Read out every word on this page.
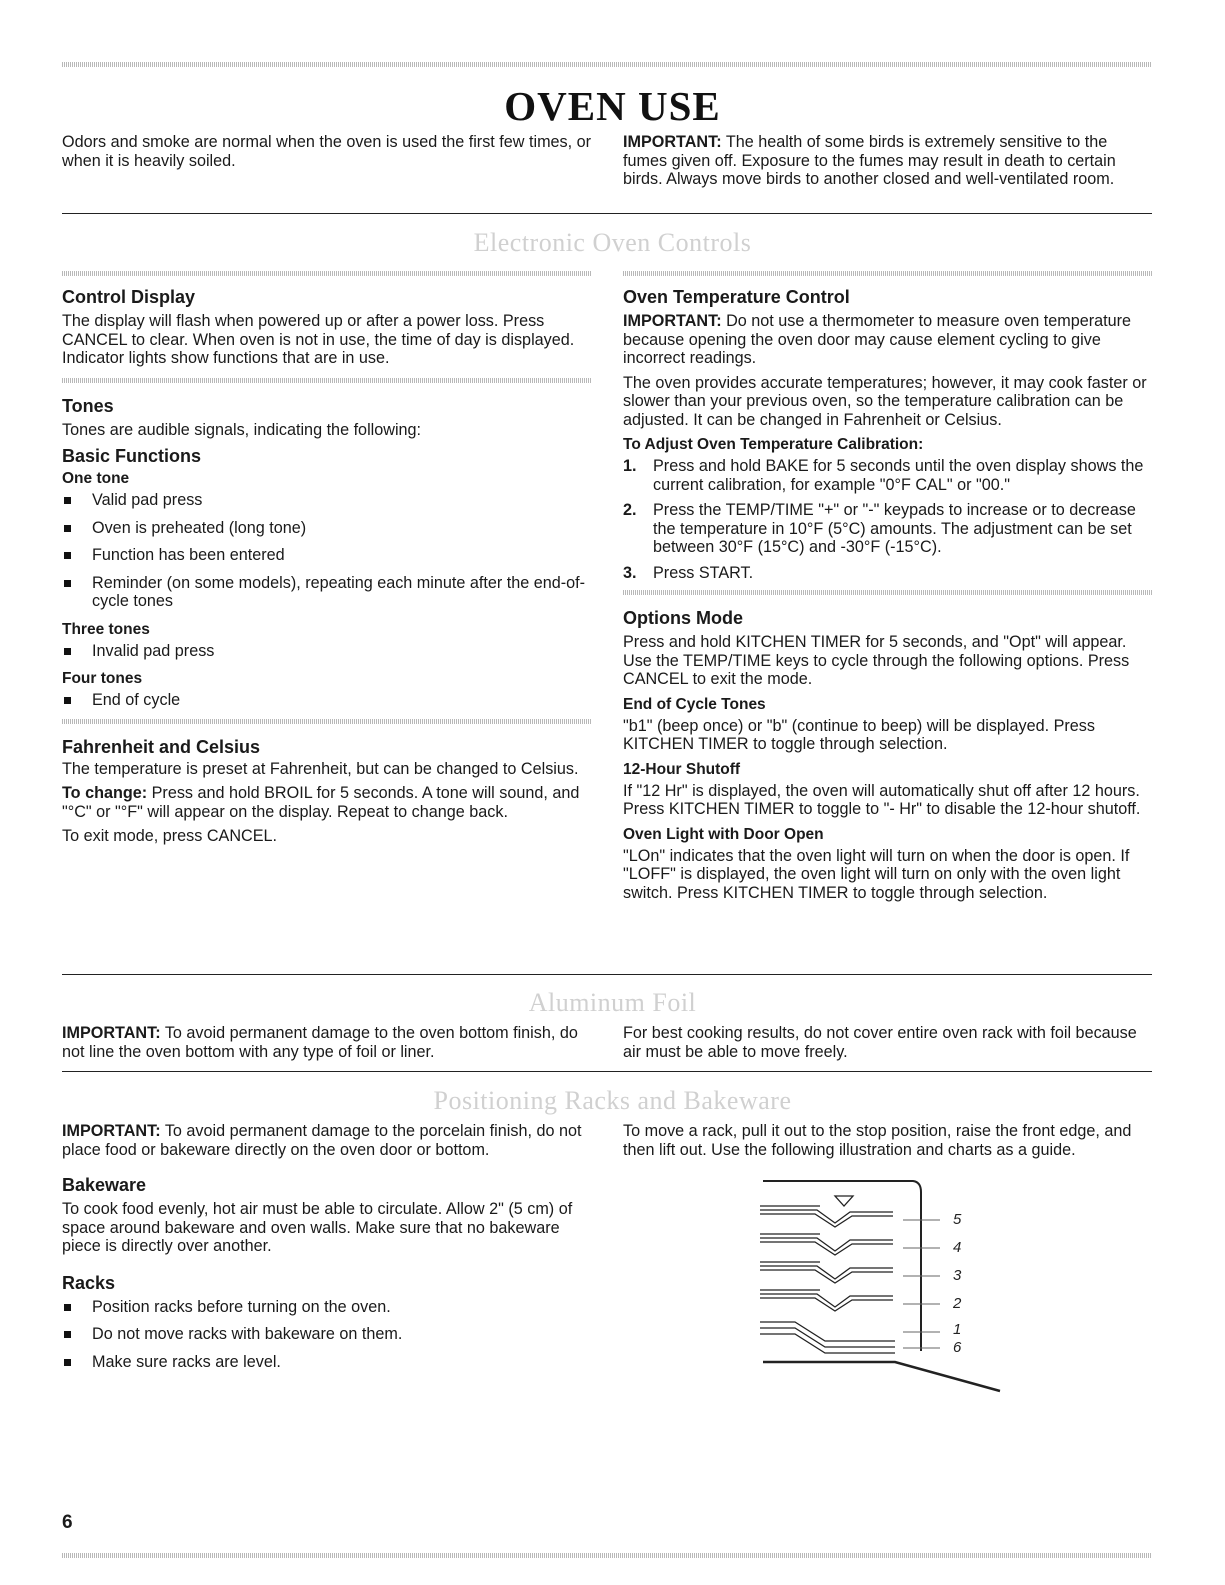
OVEN USE

Odors and smoke are normal when the oven is used the first few times, or when it is heavily soiled.

IMPORTANT: The health of some birds is extremely sensitive to the fumes given off. Exposure to the fumes may result in death to certain birds. Always move birds to another closed and well-ventilated room.

Electronic Oven Controls
Control Display

The display will flash when powered up or after a power loss. Press CANCEL to clear. When oven is not in use, the time of day is displayed. Indicator lights show functions that are in use.

Tones

Tones are audible signals, indicating the following:

Basic Functions
One tone
Valid pad press
Oven is preheated (long tone)
Function has been entered
Reminder (on some models), repeating each minute after the end-of-cycle tones
Three tones
Invalid pad press
Four tones
End of cycle
Fahrenheit and Celsius

The temperature is preset at Fahrenheit, but can be changed to Celsius.

To change: Press and hold BROIL for 5 seconds. A tone will sound, and "°C" or "°F" will appear on the display. Repeat to change back.

To exit mode, press CANCEL.

Oven Temperature Control

IMPORTANT: Do not use a thermometer to measure oven temperature because opening the oven door may cause element cycling to give incorrect readings.

The oven provides accurate temperatures; however, it may cook faster or slower than your previous oven, so the temperature calibration can be adjusted. It can be changed in Fahrenheit or Celsius.

To Adjust Oven Temperature Calibration:
1. Press and hold BAKE for 5 seconds until the oven display shows the current calibration, for example "0°F CAL" or "00."
2. Press the TEMP/TIME "+" or "-" keypads to increase or to decrease the temperature in 10°F (5°C) amounts. The adjustment can be set between 30°F (15°C) and -30°F (-15°C).
3. Press START.
Options Mode

Press and hold KITCHEN TIMER for 5 seconds, and "Opt" will appear. Use the TEMP/TIME keys to cycle through the following options. Press CANCEL to exit the mode.

End of Cycle Tones

"b1" (beep once) or "b" (continue to beep) will be displayed. Press KITCHEN TIMER to toggle through selection.

12-Hour Shutoff

If "12 Hr" is displayed, the oven will automatically shut off after 12 hours. Press KITCHEN TIMER to toggle to "- Hr" to disable the 12-hour shutoff.

Oven Light with Door Open

"LOn" indicates that the oven light will turn on when the door is open. If "LOFF" is displayed, the oven light will turn on only with the oven light switch. Press KITCHEN TIMER to toggle through selection.

Aluminum Foil

IMPORTANT: To avoid permanent damage to the oven bottom finish, do not line the oven bottom with any type of foil or liner.

For best cooking results, do not cover entire oven rack with foil because air must be able to move freely.

Positioning Racks and Bakeware

IMPORTANT: To avoid permanent damage to the porcelain finish, do not place food or bakeware directly on the oven door or bottom.

Bakeware

To cook food evenly, hot air must be able to circulate. Allow 2" (5 cm) of space around bakeware and oven walls. Make sure that no bakeware piece is directly over another.

Racks
Position racks before turning on the oven.
Do not move racks with bakeware on them.
Make sure racks are level.

To move a rack, pull it out to the stop position, raise the front edge, and then lift out. Use the following illustration and charts as a guide.

5
4
3
2
1
6
6
